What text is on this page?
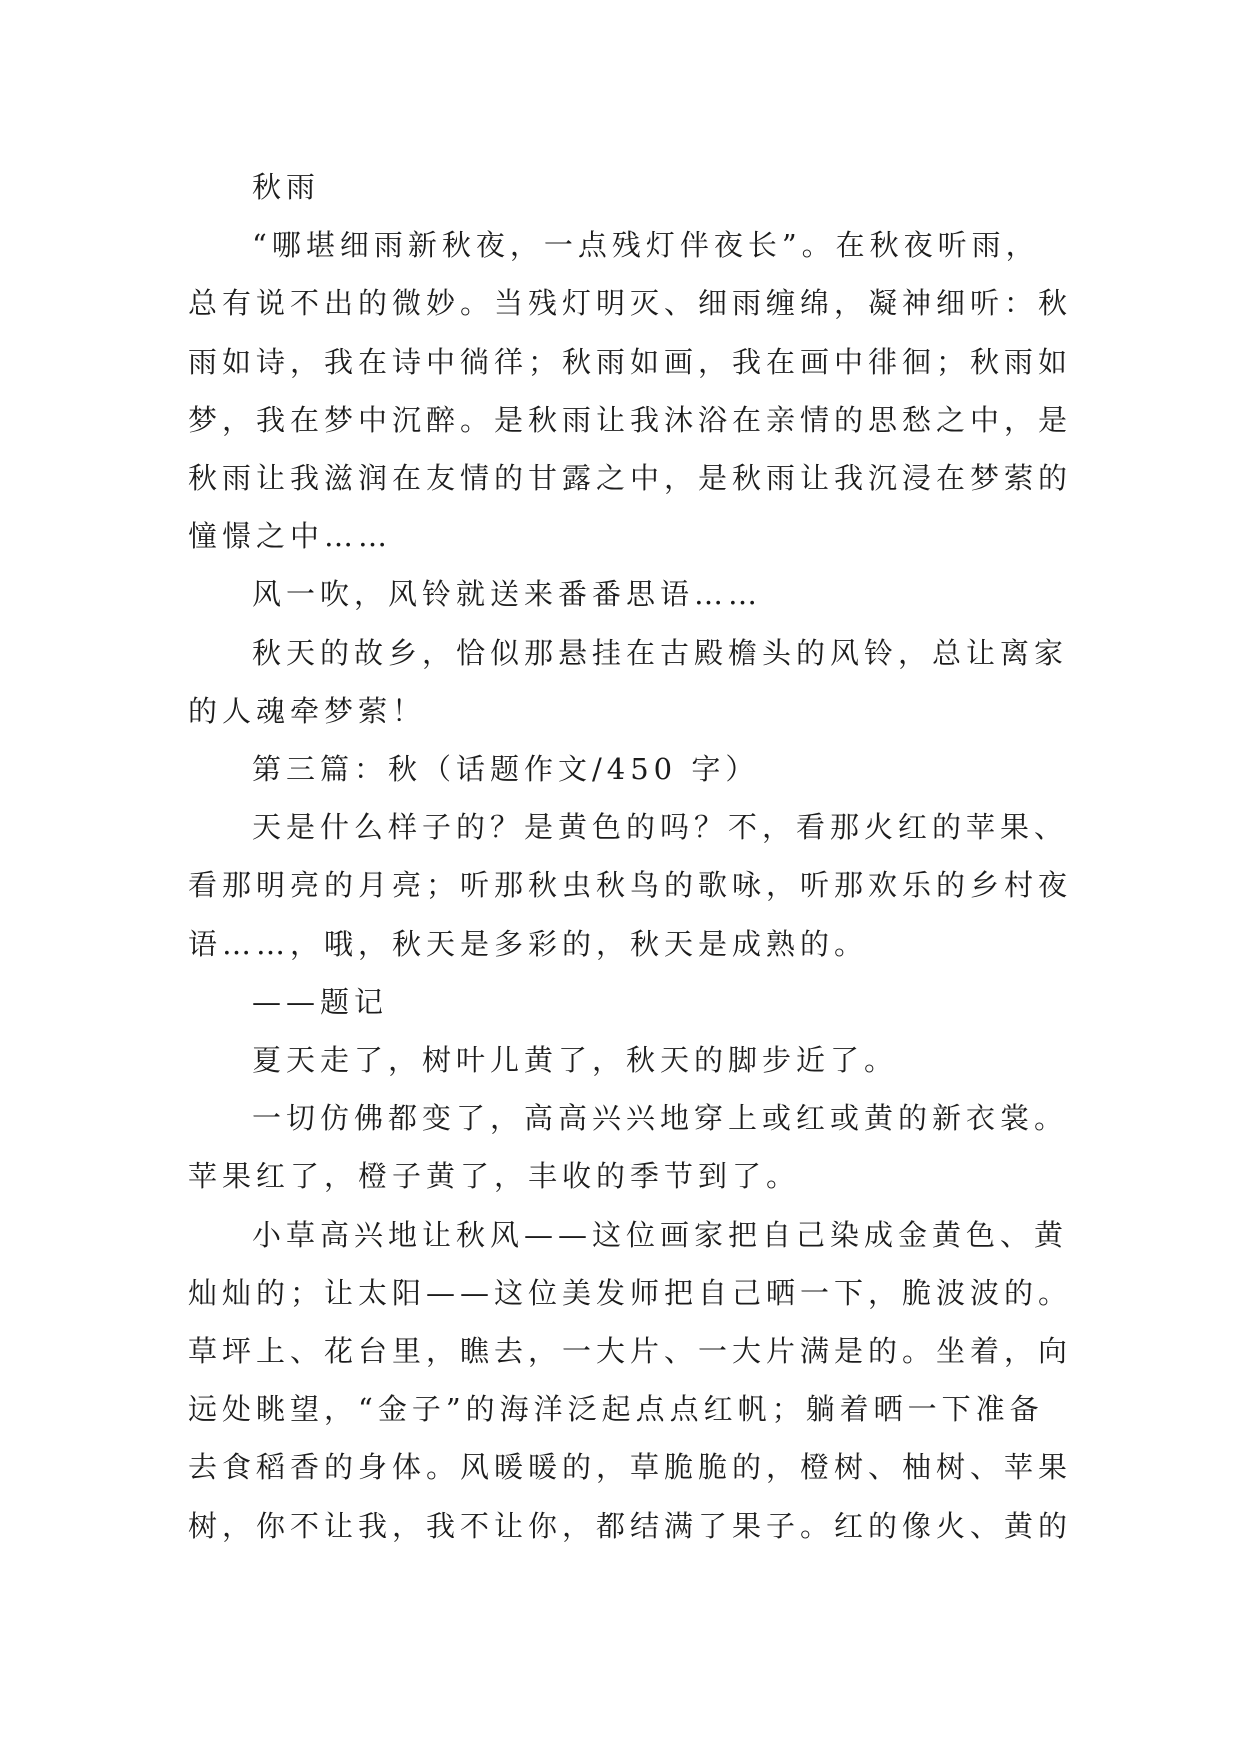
秋雨

“哪堪细雨新秋夜，一点残灯伴夜长”。在秋夜听雨，
总有说不出的微妙。当残灯明灭、细雨缠绵，凝神细听：秋
雨如诗，我在诗中徜徉；秋雨如画，我在画中徘徊；秋雨如
梦，我在梦中沉醉。是秋雨让我沐浴在亲情的思愁之中，是
秋雨让我滋润在友情的甘露之中，是秋雨让我沉浸在梦萦的
憧憬之中……

风一吹，风铃就送来番番思语……

秋天的故乡，恰似那悬挂在古殿檐头的风铃，总让离家
的人魂牵梦萦！

第三篇：秋（话题作文/450 字）

天是什么样子的？是黄色的吗？不，看那火红的苹果、
看那明亮的月亮；听那秋虫秋鸟的歌咏，听那欢乐的乡村夜
语……，哦，秋天是多彩的，秋天是成熟的。

——题记

夏天走了，树叶儿黄了，秋天的脚步近了。

一切仿佛都变了，高高兴兴地穿上或红或黄的新衣裳。
苹果红了，橙子黄了，丰收的季节到了。

小草高兴地让秋风——这位画家把自己染成金黄色、黄
灿灿的；让太阳——这位美发师把自己晒一下，脆波波的。
草坪上、花台里，瞧去，一大片、一大片满是的。坐着，向
远处眺望，“金子”的海洋泛起点点红帆；躺着晒一下准备
去食稻香的身体。风暖暖的，草脆脆的，橙树、柚树、苹果
树，你不让我，我不让你，都结满了果子。红的像火、黄的
